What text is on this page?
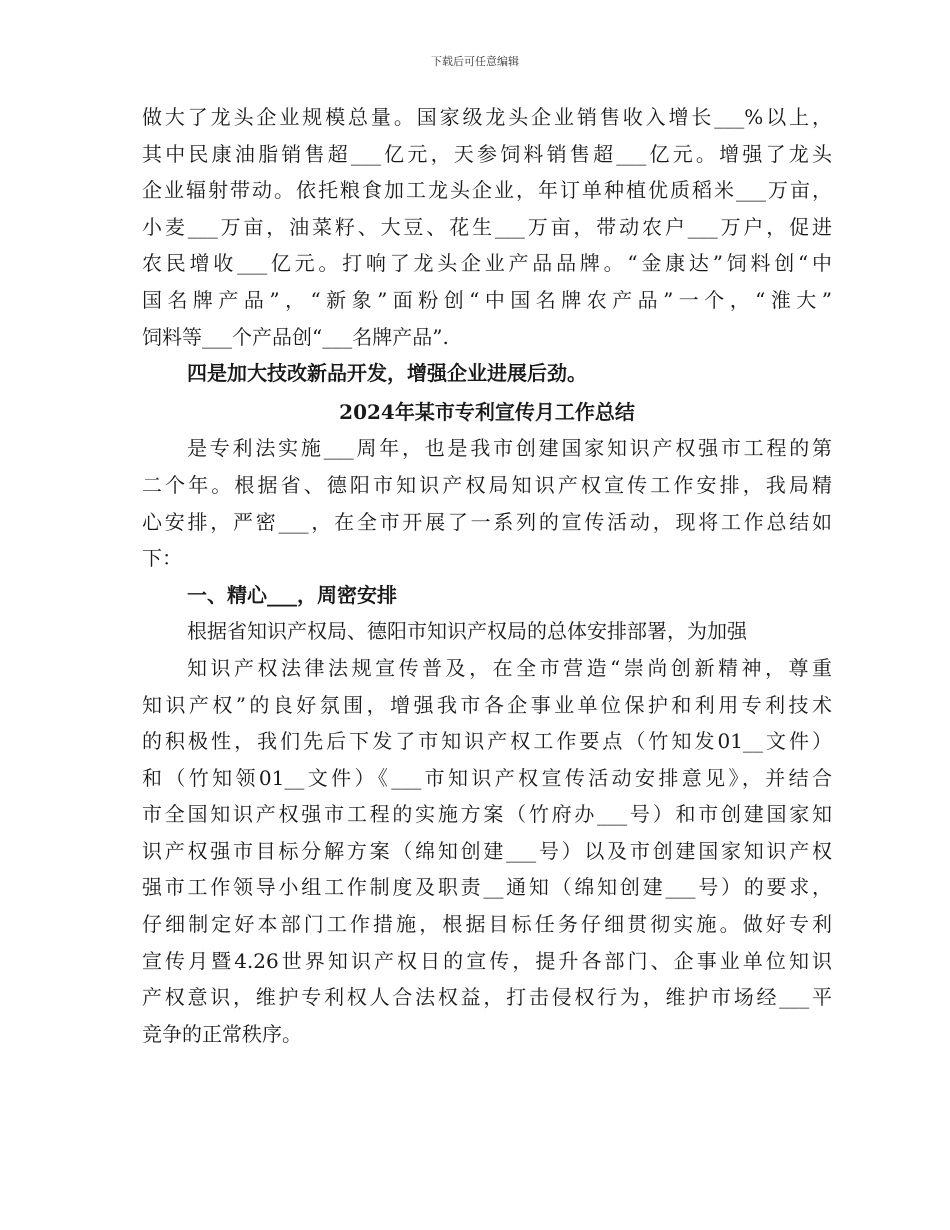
下载后可任意编辑
做大了龙头企业规模总量。国家级龙头企业销售收入增长___%以上，
其中民康油脂销售超___亿元，天参饲料销售超___亿元。增强了龙头
企业辐射带动。依托粮食加工龙头企业，年订单种植优质稻米___万亩，
小麦___万亩，油菜籽、大豆、花生___万亩，带动农户___万户，促进
农民增收___亿元。打响了龙头企业产品品牌。“金康达”饲料创“中
国名牌产品”，“新象”面粉创“中国名牌农产品”一个，“淮大”
饲料等___个产品创“___名牌产品”.
四是加大技改新品开发，增强企业进展后劲。
2024年某市专利宣传月工作总结
是专利法实施___周年，也是我市创建国家知识产权强市工程的第
二个年。根据省、德阳市知识产权局知识产权宣传工作安排，我局精
心安排，严密___，在全市开展了一系列的宣传活动，现将工作总结如
下：
一、精心___，周密安排
根据省知识产权局、德阳市知识产权局的总体安排部署，为加强
知识产权法律法规宣传普及，在全市营造“崇尚创新精神，尊重
知识产权”的良好氛围，增强我市各企事业单位保护和利用专利技术
的积极性，我们先后下发了市知识产权工作要点（竹知发01__文件）
和（竹知领01__文件）《___市知识产权宣传活动安排意见》，并结合
市全国知识产权强市工程的实施方案（竹府办___号）和市创建国家知
识产权强市目标分解方案（绵知创建___号）以及市创建国家知识产权
强市工作领导小组工作制度及职责__通知（绵知创建___号）的要求，
仔细制定好本部门工作措施，根据目标任务仔细贯彻实施。做好专利
宣传月暨4.26世界知识产权日的宣传，提升各部门、企事业单位知识
产权意识，维护专利权人合法权益，打击侵权行为，维护市场经___平
竞争的正常秩序。
